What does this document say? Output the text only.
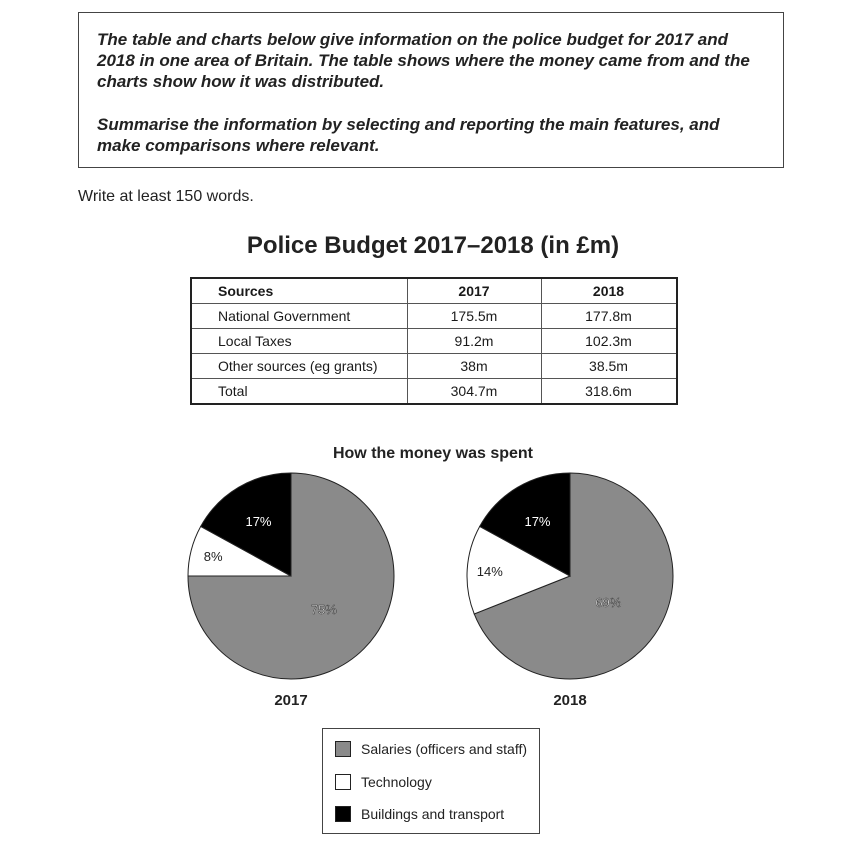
The table and charts below give information on the police budget for 2017 and 2018 in one area of Britain. The table shows where the money came from and the charts show how it was distributed.

Summarise the information by selecting and reporting the main features, and make comparisons where relevant.

Write at least 150 words.
Police Budget 2017–2018 (in £m)
Sources	2017	2018
National Government	175.5m	177.8m
Local Taxes	91.2m	102.3m
Other sources (eg grants)	38m	38.5m
Total	304.7m	318.6m
How the money was spent
75%
8%
17%
2017
69%
14%
17%
2018
Salaries (officers and staff)
Technology
Buildings and transport
